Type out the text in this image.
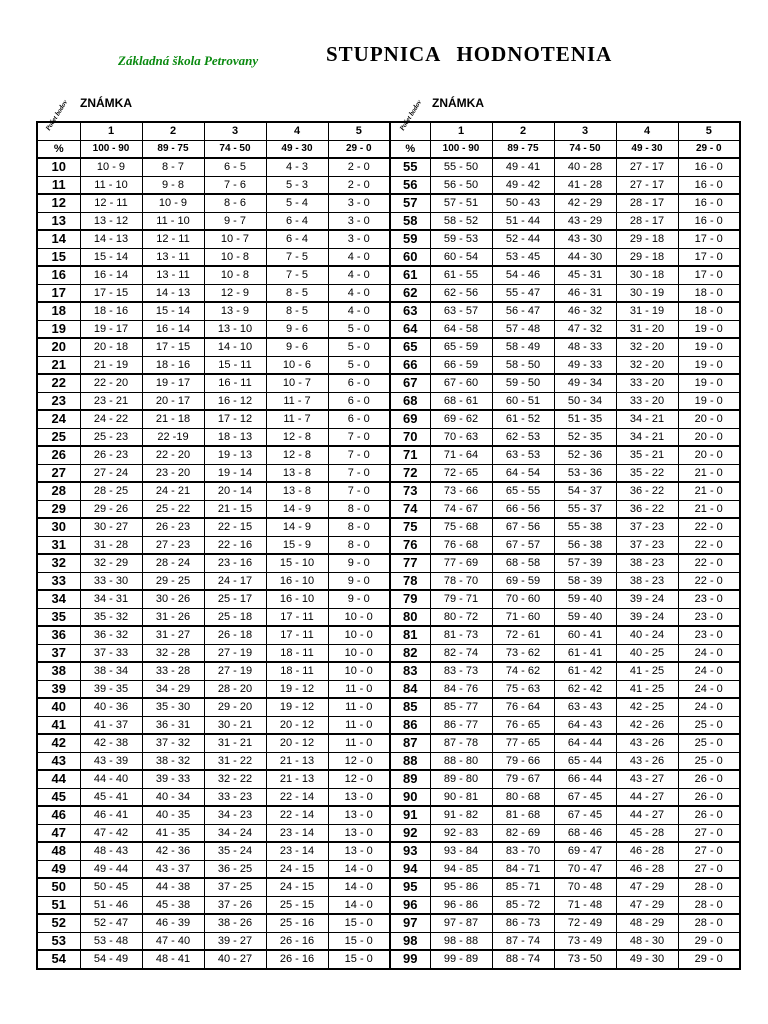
Základná škola Petrovany	STUPNICA HODNOTENIA
Počet bodov ZNÁMKA	Počet bodov ZNÁMKA
	1	2	3	4	5
%	100 - 90	89 - 75	74 - 50	49 - 30	29 - 0
10	10 - 9	8 - 7	6 - 5	4 - 3	2 - 0
11	11 - 10	9 - 8	7 - 6	5 - 3	2 - 0
12	12 - 11	10 - 9	8 - 6	5 - 4	3 - 0
13	13 - 12	11 - 10	9 - 7	6 - 4	3 - 0
14	14 - 13	12 - 11	10 - 7	6 - 4	3 - 0
15	15 - 14	13 - 11	10 - 8	7 - 5	4 - 0
16	16 - 14	13 - 11	10 - 8	7 - 5	4 - 0
17	17 - 15	14 - 13	12 - 9	8 - 5	4 - 0
18	18 - 16	15 - 14	13 - 9	8 - 5	4 - 0
19	19 - 17	16 - 14	13 - 10	9 - 6	5 - 0
20	20 - 18	17 - 15	14 - 10	9 - 6	5 - 0
21	21 - 19	18 - 16	15 - 11	10 - 6	5 - 0
22	22 - 20	19 - 17	16 - 11	10 - 7	6 - 0
23	23 - 21	20 - 17	16 - 12	11 - 7	6 - 0
24	24 - 22	21 - 18	17 - 12	11 - 7	6 - 0
25	25 - 23	22 -19	18 - 13	12 - 8	7 - 0
26	26 - 23	22 - 20	19 - 13	12 - 8	7 - 0
27	27 - 24	23 - 20	19 - 14	13 - 8	7 - 0
28	28 - 25	24 - 21	20 - 14	13 - 8	7 - 0
29	29 - 26	25 - 22	21 - 15	14 - 9	8 - 0
30	30 - 27	26 - 23	22 - 15	14 - 9	8 - 0
31	31 - 28	27 - 23	22 - 16	15 - 9	8 - 0
32	32 - 29	28 - 24	23 - 16	15 - 10	9 - 0
33	33 - 30	29 - 25	24 - 17	16 - 10	9 - 0
34	34 - 31	30 - 26	25 - 17	16 - 10	9 - 0
35	35 - 32	31 - 26	25 - 18	17 - 11	10 - 0
36	36 - 32	31 - 27	26 - 18	17 - 11	10 - 0
37	37 - 33	32 - 28	27 - 19	18 - 11	10 - 0
38	38 - 34	33 - 28	27 - 19	18 - 11	10 - 0
39	39 - 35	34 - 29	28 - 20	19 - 12	11 - 0
40	40 - 36	35 - 30	29 - 20	19 - 12	11 - 0
41	41 - 37	36 - 31	30 - 21	20 - 12	11 - 0
42	42 - 38	37 - 32	31 - 21	20 - 12	11 - 0
43	43 - 39	38 - 32	31 - 22	21 - 13	12 - 0
44	44 - 40	39 - 33	32 - 22	21 - 13	12 - 0
45	45 - 41	40 - 34	33 - 23	22 - 14	13 - 0
46	46 - 41	40 - 35	34 - 23	22 - 14	13 - 0
47	47 - 42	41 - 35	34 - 24	23 - 14	13 - 0
48	48 - 43	42 - 36	35 - 24	23 - 14	13 - 0
49	49 - 44	43 - 37	36 - 25	24 - 15	14 - 0
50	50 - 45	44 - 38	37 - 25	24 - 15	14 - 0
51	51 - 46	45 - 38	37 - 26	25 - 15	14 - 0
52	52 - 47	46 - 39	38 - 26	25 - 16	15 - 0
53	53 - 48	47 - 40	39 - 27	26 - 16	15 - 0
54	54 - 49	48 - 41	40 - 27	26 - 16	15 - 0
	1	2	3	4	5
%	100 - 90	89 - 75	74 - 50	49 - 30	29 - 0
55	55 - 50	49 - 41	40 - 28	27 - 17	16 - 0
56	56 - 50	49 - 42	41 - 28	27 - 17	16 - 0
57	57 - 51	50 - 43	42 - 29	28 - 17	16 - 0
58	58 - 52	51 - 44	43 - 29	28 - 17	16 - 0
59	59 - 53	52 - 44	43 - 30	29 - 18	17 - 0
60	60 - 54	53 - 45	44 - 30	29 - 18	17 - 0
61	61 - 55	54 - 46	45 - 31	30 - 18	17 - 0
62	62 - 56	55 - 47	46 - 31	30 - 19	18 - 0
63	63 - 57	56 - 47	46 - 32	31 - 19	18 - 0
64	64 - 58	57 - 48	47 - 32	31 - 20	19 - 0
65	65 - 59	58 - 49	48 - 33	32 - 20	19 - 0
66	66 - 59	58 - 50	49 - 33	32 - 20	19 - 0
67	67 - 60	59 - 50	49 - 34	33 - 20	19 - 0
68	68 - 61	60 - 51	50 - 34	33 - 20	19 - 0
69	69 - 62	61 - 52	51 - 35	34 - 21	20 - 0
70	70 - 63	62 - 53	52 - 35	34 - 21	20 - 0
71	71 - 64	63 - 53	52 - 36	35 - 21	20 - 0
72	72 - 65	64 - 54	53 - 36	35 - 22	21 - 0
73	73 - 66	65 - 55	54 - 37	36 - 22	21 - 0
74	74 - 67	66 - 56	55 - 37	36 - 22	21 - 0
75	75 - 68	67 - 56	55 - 38	37 - 23	22 - 0
76	76 - 68	67 - 57	56 - 38	37 - 23	22 - 0
77	77 - 69	68 - 58	57 - 39	38 - 23	22 - 0
78	78 - 70	69 - 59	58 - 39	38 - 23	22 - 0
79	79 - 71	70 - 60	59 - 40	39 - 24	23 - 0
80	80 - 72	71 - 60	59 - 40	39 - 24	23 - 0
81	81 - 73	72 - 61	60 - 41	40 - 24	23 - 0
82	82 - 74	73 - 62	61 - 41	40 - 25	24 - 0
83	83 - 73	74 - 62	61 - 42	41 - 25	24 - 0
84	84 - 76	75 - 63	62 - 42	41 - 25	24 - 0
85	85 - 77	76 - 64	63 - 43	42 - 25	24 - 0
86	86 - 77	76 - 65	64 - 43	42 - 26	25 - 0
87	87 - 78	77 - 65	64 - 44	43 - 26	25 - 0
88	88 - 80	79 - 66	65 - 44	43 - 26	25 - 0
89	89 - 80	79 - 67	66 - 44	43 - 27	26 - 0
90	90 - 81	80 - 68	67 - 45	44 - 27	26 - 0
91	91 - 82	81 - 68	67 - 45	44 - 27	26 - 0
92	92 - 83	82 - 69	68 - 46	45 - 28	27 - 0
93	93 - 84	83 - 70	69 - 47	46 - 28	27 - 0
94	94 - 85	84 - 71	70 - 47	46 - 28	27 - 0
95	95 - 86	85 - 71	70 - 48	47 - 29	28 - 0
96	96 - 86	85 - 72	71 - 48	47 - 29	28 - 0
97	97 - 87	86 - 73	72 - 49	48 - 29	28 - 0
98	98 - 88	87 - 74	73 - 49	48 - 30	29 - 0
99	99 - 89	88 - 74	73 - 50	49 - 30	29 - 0
